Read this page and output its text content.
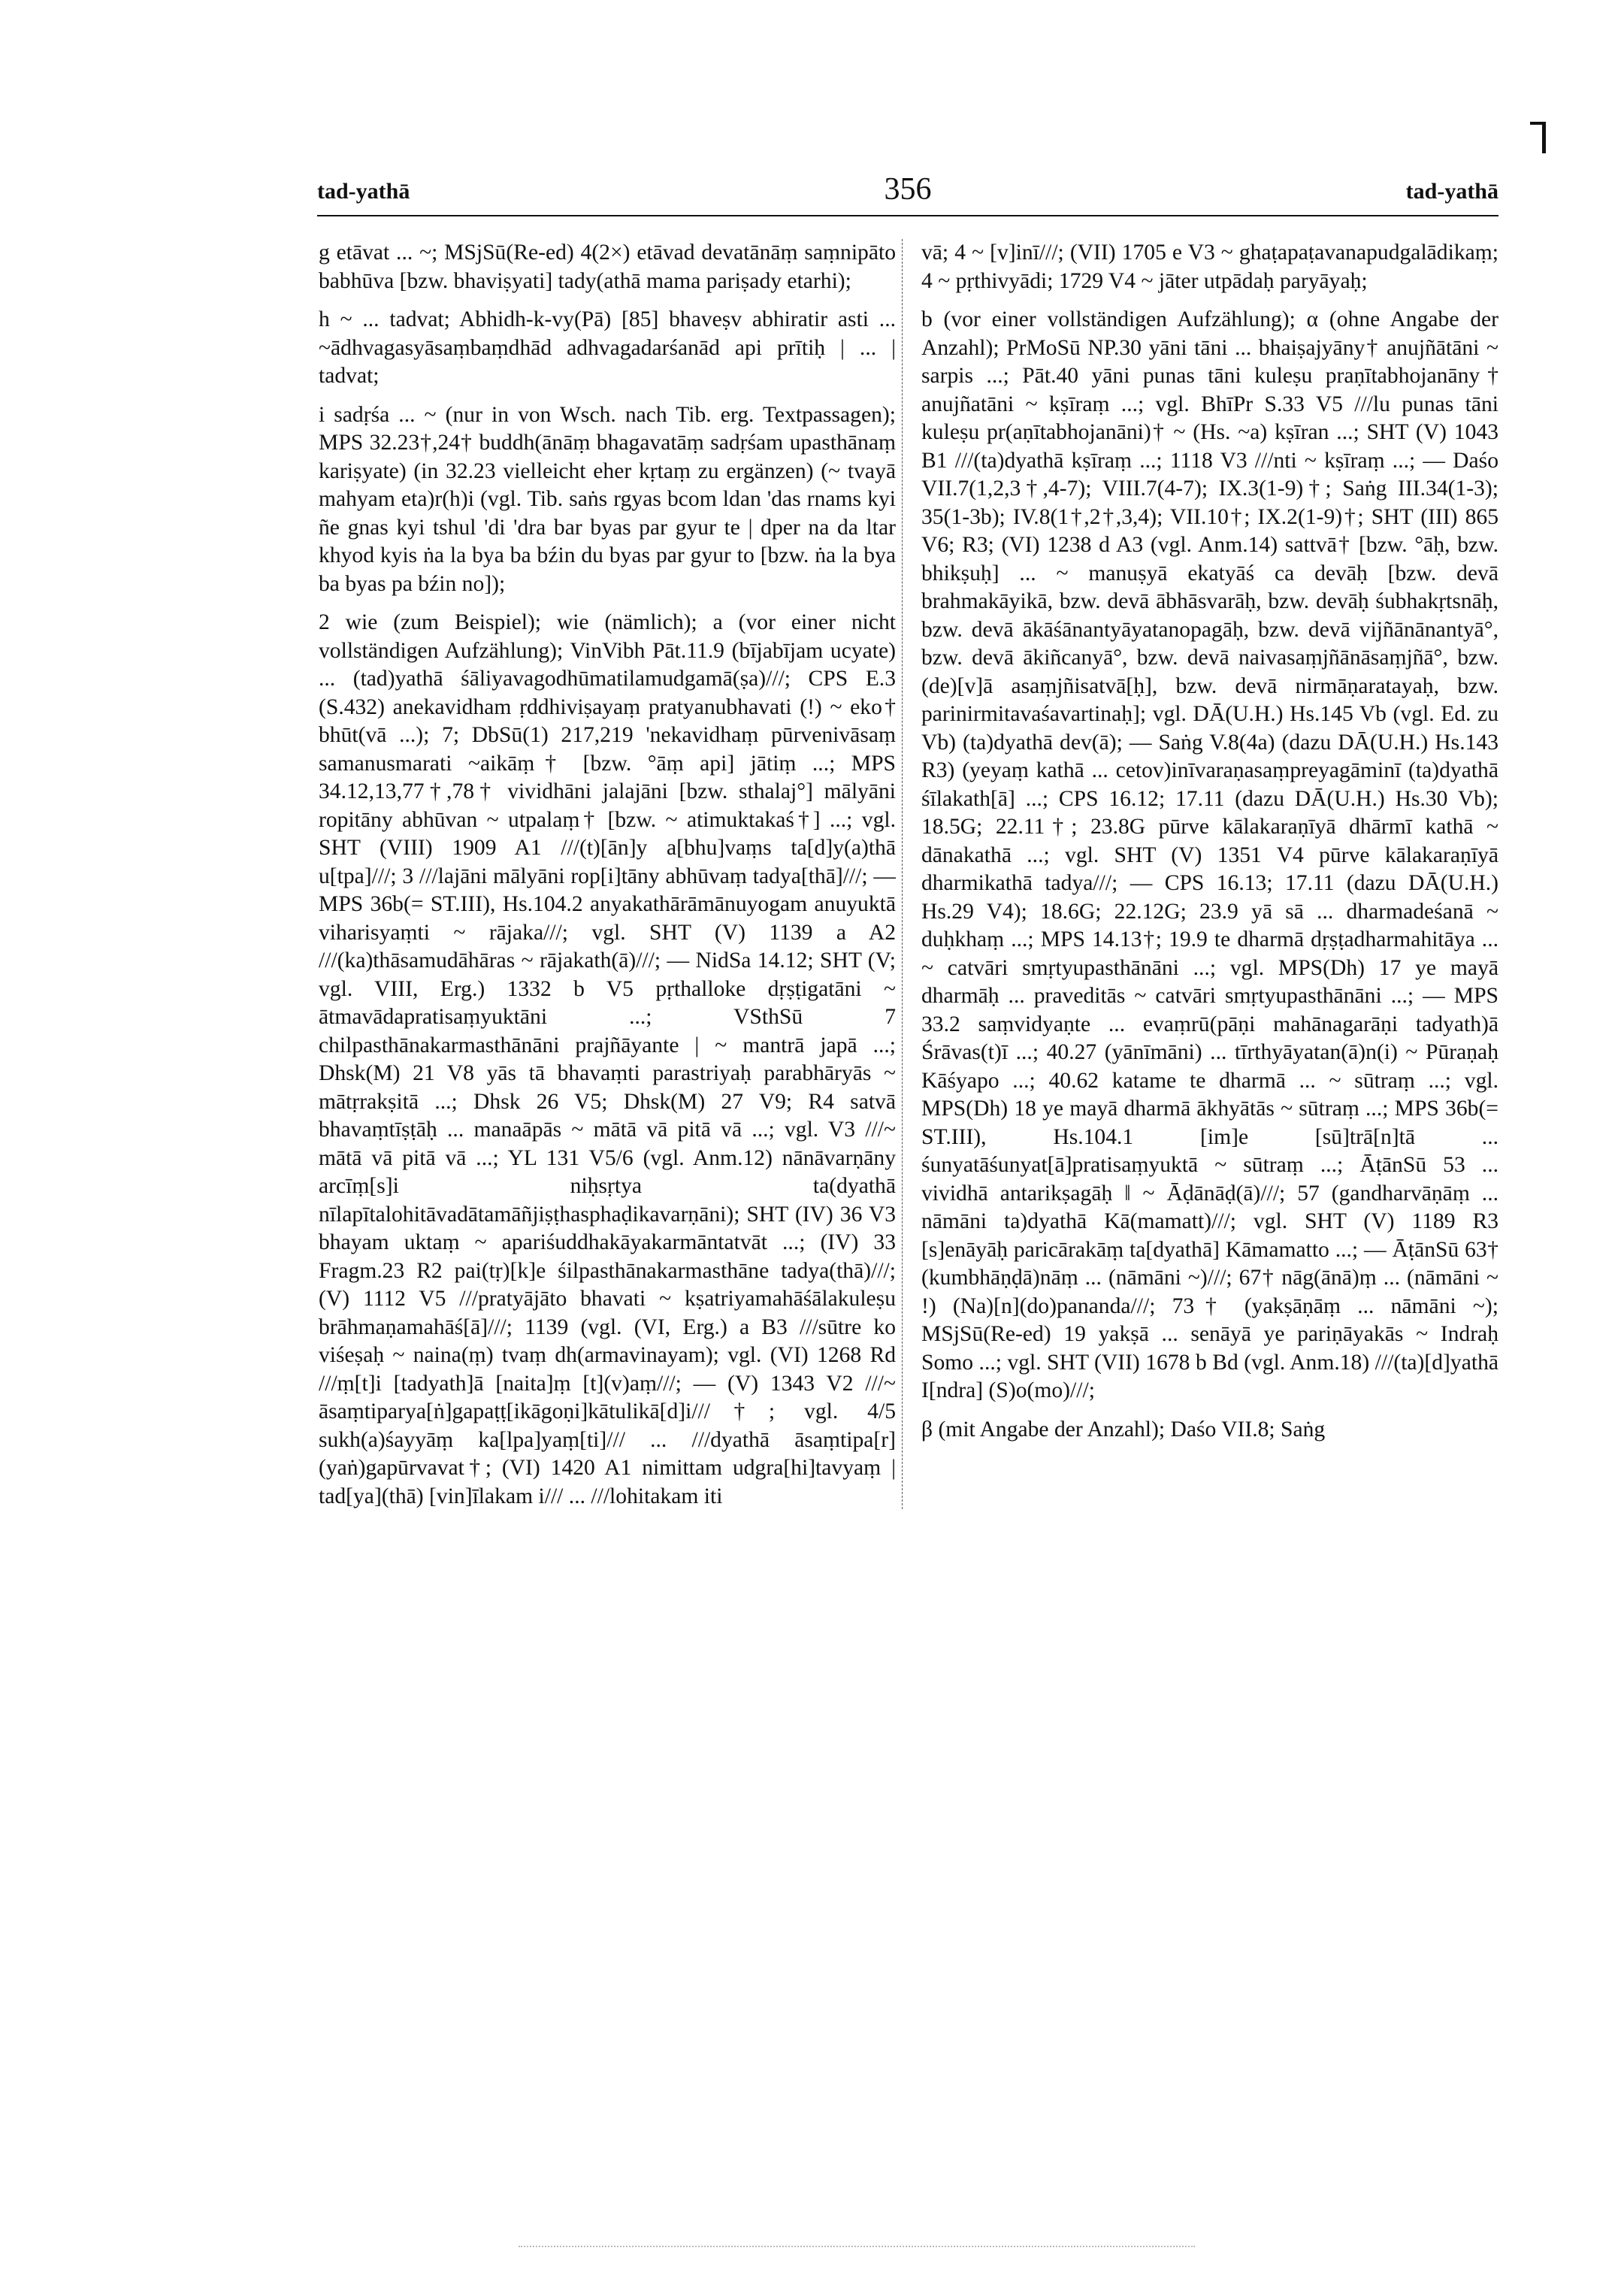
tad-yathā	356	tad-yathā

g etāvat ... ~; MSjSū(Re-ed) 4(2×) etāvad devatānāṃ saṃnipāto babhūva [bzw. bhaviṣyati] tady(athā mama pariṣady etarhi);

h ~ ... tadvat; Abhidh-k-vy(Pā) [85] bhaveṣv abhiratir asti ... ~ādhvagasyāsaṃbaṃdhād adhvagadarśanād api prītiḥ | ... | tadvat;

i sadṛśa ... ~ (nur in von Wsch. nach Tib. erg. Textpassagen); MPS 32.23†,24† buddh(ānāṃ bhagavatāṃ sadṛśam upasthānaṃ kariṣyate) (in 32.23 vielleicht eher kṛtaṃ zu ergänzen) (~ tvayā mahyam eta)r(h)i (vgl. Tib. saṅs rgyas bcom ldan 'das rnams kyi ñe gnas kyi tshul 'di 'dra bar byas par gyur te | dper na da ltar khyod kyis ṅa la bya ba bźin du byas par gyur to [bzw. ṅa la bya ba byas pa bźin no]);

2 wie (zum Beispiel); wie (nämlich); a (vor einer nicht vollständigen Aufzählung); VinVibh Pāt.11.9 (bījabījam ucyate) ... (tad)yathā śāliyavagodhūmatilamudgamā(ṣa)///; CPS E.3 (S.432) anekavidham ṛddhiviṣayaṃ pratyanubhavati (!) ~ eko† bhūt(vā ...); 7; DbSū(1) 217,219 'nekavidhaṃ pūrvenivāsaṃ samanusmarati ~aikāṃ† [bzw. °āṃ api] jātiṃ ...; MPS 34.12,13,77†,78† vividhāni jalajāni [bzw. sthalaj°] mālyāni ropitāny abhūvan ~ utpalaṃ† [bzw. ~ atimuktakaś†] ...; vgl. SHT (VIII) 1909 A1 ///(t)[ān]y a[bhu]vaṃs ta[d]y(a)thā u[tpa]///; 3 ///lajāni mālyāni rop[i]tāny abhūvaṃ tadya[thā]///; — MPS 36b(= ST.III), Hs.104.2 anyakathārāmānuyogam anuyuktā viharisyaṃti ~ rājaka///; vgl. SHT (V) 1139 a A2 ///(ka)thāsamudāhāras ~ rājakath(ā)///; — NidSa 14.12; SHT (V; vgl. VIII, Erg.) 1332 b V5 pṛthalloke dṛṣṭigatāni ~ ātmavādapratisaṃyuktāni ...; VSthSū 7 chilpasthānakarmasthānāni prajñāyante | ~ mantrā japā ...; Dhsk(M) 21 V8 yās tā bhavaṃti parastriyaḥ parabhāryās ~ mātṛrakṣitā ...; Dhsk 26 V5; Dhsk(M) 27 V9; R4 satvā bhavaṃtīṣṭāḥ ... manaāpās ~ mātā vā pitā vā ...; vgl. V3 ///~ mātā vā pitā vā ...; YL 131 V5/6 (vgl. Anm.12) nānāvarṇāny arcīṃ[s]i niḥsṛtya ta(dyathā nīlapītalohitāvadātamāñjiṣṭhasphaḍikavarṇāni); SHT (IV) 36 V3 bhayam uktaṃ ~ apariśuddhakāyakarmāntatvāt ...; (IV) 33 Fragm.23 R2 pai(tṛ)[k]e śilpasthānakarmasthāne tadya(thā)///; (V) 1112 V5 ///pratyājāto bhavati ~ kṣatriyamahāśālakuleṣu brāhmaṇamahāś[ā]///; 1139 (vgl. (VI, Erg.) a B3 ///sūtre ko viśeṣaḥ ~ naina(ṃ) tvaṃ dh(armavinayam); vgl. (VI) 1268 Rd ///ṃ[t]i [tadyath]ā [naita]ṃ [t](v)aṃ///; — (V) 1343 V2 ///~ āsaṃtiparya[ṅ]gapaṭṭ[ikāgoṇi]kātulikā[d]i///†; vgl. 4/5 sukh(a)śayyāṃ ka[lpa]yaṃ[ti]/// ... ///dyathā āsaṃtipa[r](yaṅ)gapūrvavat†; (VI) 1420 A1 nimittam udgra[hi]tavyaṃ | tad[ya](thā) [vin]īlakam i/// ... ///lohitakam iti

vā; 4 ~ [v]inī///; (VII) 1705 e V3 ~ ghaṭapaṭavanapudgalādikaṃ; 4 ~ pṛthivyādi; 1729 V4 ~ jāter utpādaḥ paryāyaḥ;

b (vor einer vollständigen Aufzählung); α (ohne Angabe der Anzahl); PrMoSū NP.30 yāni tāni ... bhaiṣajyāny† anujñātāni ~ sarpis ...; Pāt.40 yāni punas tāni kuleṣu praṇītabhojanāny† anujñatāni ~ kṣīraṃ ...; vgl. BhīPr S.33 V5 ///lu punas tāni kuleṣu pr(aṇītabhojanāni)† ~ (Hs. ~a) kṣīran ...; SHT (V) 1043 B1 ///(ta)dyathā kṣīraṃ ...; 1118 V3 ///nti ~ kṣīraṃ ...; — Daśo VII.7(1,2,3†,4-7); VIII.7(4-7); IX.3(1-9)†; Saṅg III.34(1-3); 35(1-3b); IV.8(1†,2†,3,4); VII.10†; IX.2(1-9)†; SHT (III) 865 V6; R3; (VI) 1238 d A3 (vgl. Anm.14) sattvā† [bzw. °āḥ, bzw. bhikṣuḥ] ... ~ manuṣyā ekatyāś ca devāḥ [bzw. devā brahmakāyikā, bzw. devā ābhāsvarāḥ, bzw. devāḥ śubhakṛtsnāḥ, bzw. devā ākāśānantyāyatanopagāḥ, bzw. devā vijñānānantyā°, bzw. devā ākiñcanyā°, bzw. devā naivasaṃjñānāsaṃjñā°, bzw. (de)[v]ā asaṃjñisatvā[ḥ], bzw. devā nirmāṇaratayaḥ, bzw. parinirmitavaśavartinaḥ]; vgl. DĀ(U.H.) Hs.145 Vb (vgl. Ed. zu Vb) (ta)dyathā dev(ā); — Saṅg V.8(4a) (dazu DĀ(U.H.) Hs.143 R3) (yeyaṃ kathā ... cetov)inīvaraṇasaṃpreyagāminī (ta)dyathā śīlakath[ā] ...; CPS 16.12; 17.11 (dazu DĀ(U.H.) Hs.30 Vb); 18.5G; 22.11†; 23.8G pūrve kālakaraṇīyā dhārmī kathā ~ dānakathā ...; vgl. SHT (V) 1351 V4 pūrve kālakaraṇīyā dharmikathā tadya///; — CPS 16.13; 17.11 (dazu DĀ(U.H.) Hs.29 V4); 18.6G; 22.12G; 23.9 yā sā ... dharmadeśanā ~ duḥkhaṃ ...; MPS 14.13†; 19.9 te dharmā dṛṣṭadharmahitāya ... ~ catvāri smṛtyupasthānāni ...; vgl. MPS(Dh) 17 ye mayā dharmāḥ ... praveditās ~ catvāri smṛtyupasthānāni ...; — MPS 33.2 saṃvidyaṇte ... evaṃrū(pāṇi mahānagarāṇi tadyath)ā Śrāvas(t)ī ...; 40.27 (yānīmāni) ... tīrthyāyatan(ā)n(i) ~ Pūraṇaḥ Kāśyapo ...; 40.62 katame te dharmā ... ~ sūtraṃ ...; vgl. MPS(Dh) 18 ye mayā dharmā ākhyātās ~ sūtraṃ ...; MPS 36b(= ST.III), Hs.104.1 [im]e [sū]trā[n]tā ... śunyatāśunyat[ā]pratisaṃyuktā ~ sūtraṃ ...; ĀṭānSū 53 ... vividhā antarikṣagāḥ ‖ ~ Āḍānāḍ(ā)///; 57 (gandharvāṇāṃ ... nāmāni ta)dyathā Kā(mamatt)///; vgl. SHT (V) 1189 R3 [s]enāyāḥ paricārakāṃ ta[dyathā] Kāmamatto ...; — ĀṭānSū 63† (kumbhāṇḍā)nāṃ ... (nāmāni ~)///; 67† nāg(ānā)ṃ ... (nāmāni ~ !) (Na)[n](do)pananda///; 73† (yakṣāṇāṃ ... nāmāni ~); MSjSū(Re-ed) 19 yakṣā ... senāyā ye pariṇāyakās ~ Indraḥ Somo ...; vgl. SHT (VII) 1678 b Bd (vgl. Anm.18) ///(ta)[d]yathā I[ndra] (S)o(mo)///;

β (mit Angabe der Anzahl); Daśo VII.8; Saṅg
